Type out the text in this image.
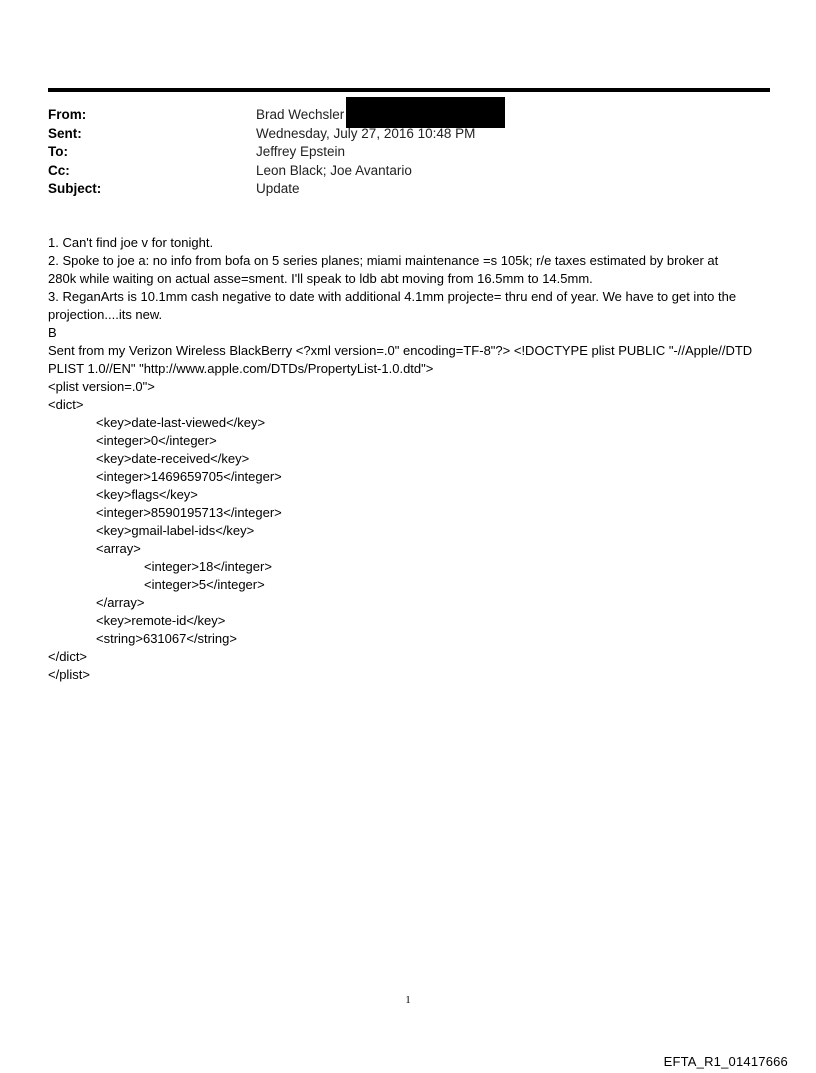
From:	Brad Wechsler
Sent:	Wednesday, July 27, 2016 10:48 PM
To:	Jeffrey Epstein
Cc:	Leon Black; Joe Avantario
Subject:	Update
1. Can't find joe v for tonight.
2. Spoke to joe a: no info from bofa on 5 series planes; miami maintenance =s 105k; r/e taxes estimated by broker at
280k while waiting on actual asse=sment. I'll speak to ldb abt moving from 16.5mm to 14.5mm.
3. ReganArts is 10.1mm cash negative to date with additional 4.1mm projecte= thru end of year. We have to get into the
projection....its new.
B
Sent from my Verizon Wireless BlackBerry <?xml version=.0" encoding=TF-8"?> <!DOCTYPE plist PUBLIC "-//Apple//DTD
PLIST 1.0//EN" "http://www.apple.com/DTDs/PropertyList-1.0.dtd">
<plist version=.0">
<dict>
<key>date-last-viewed</key>
<integer>0</integer>
<key>date-received</key>
<integer>1469659705</integer>
<key>flags</key>
<integer>8590195713</integer>
<key>gmail-label-ids</key>
<array>
<integer>18</integer>
<integer>5</integer>
</array>
<key>remote-id</key>
<string>631067</string>
</dict>
</plist>
1
EFTA_R1_01417666
